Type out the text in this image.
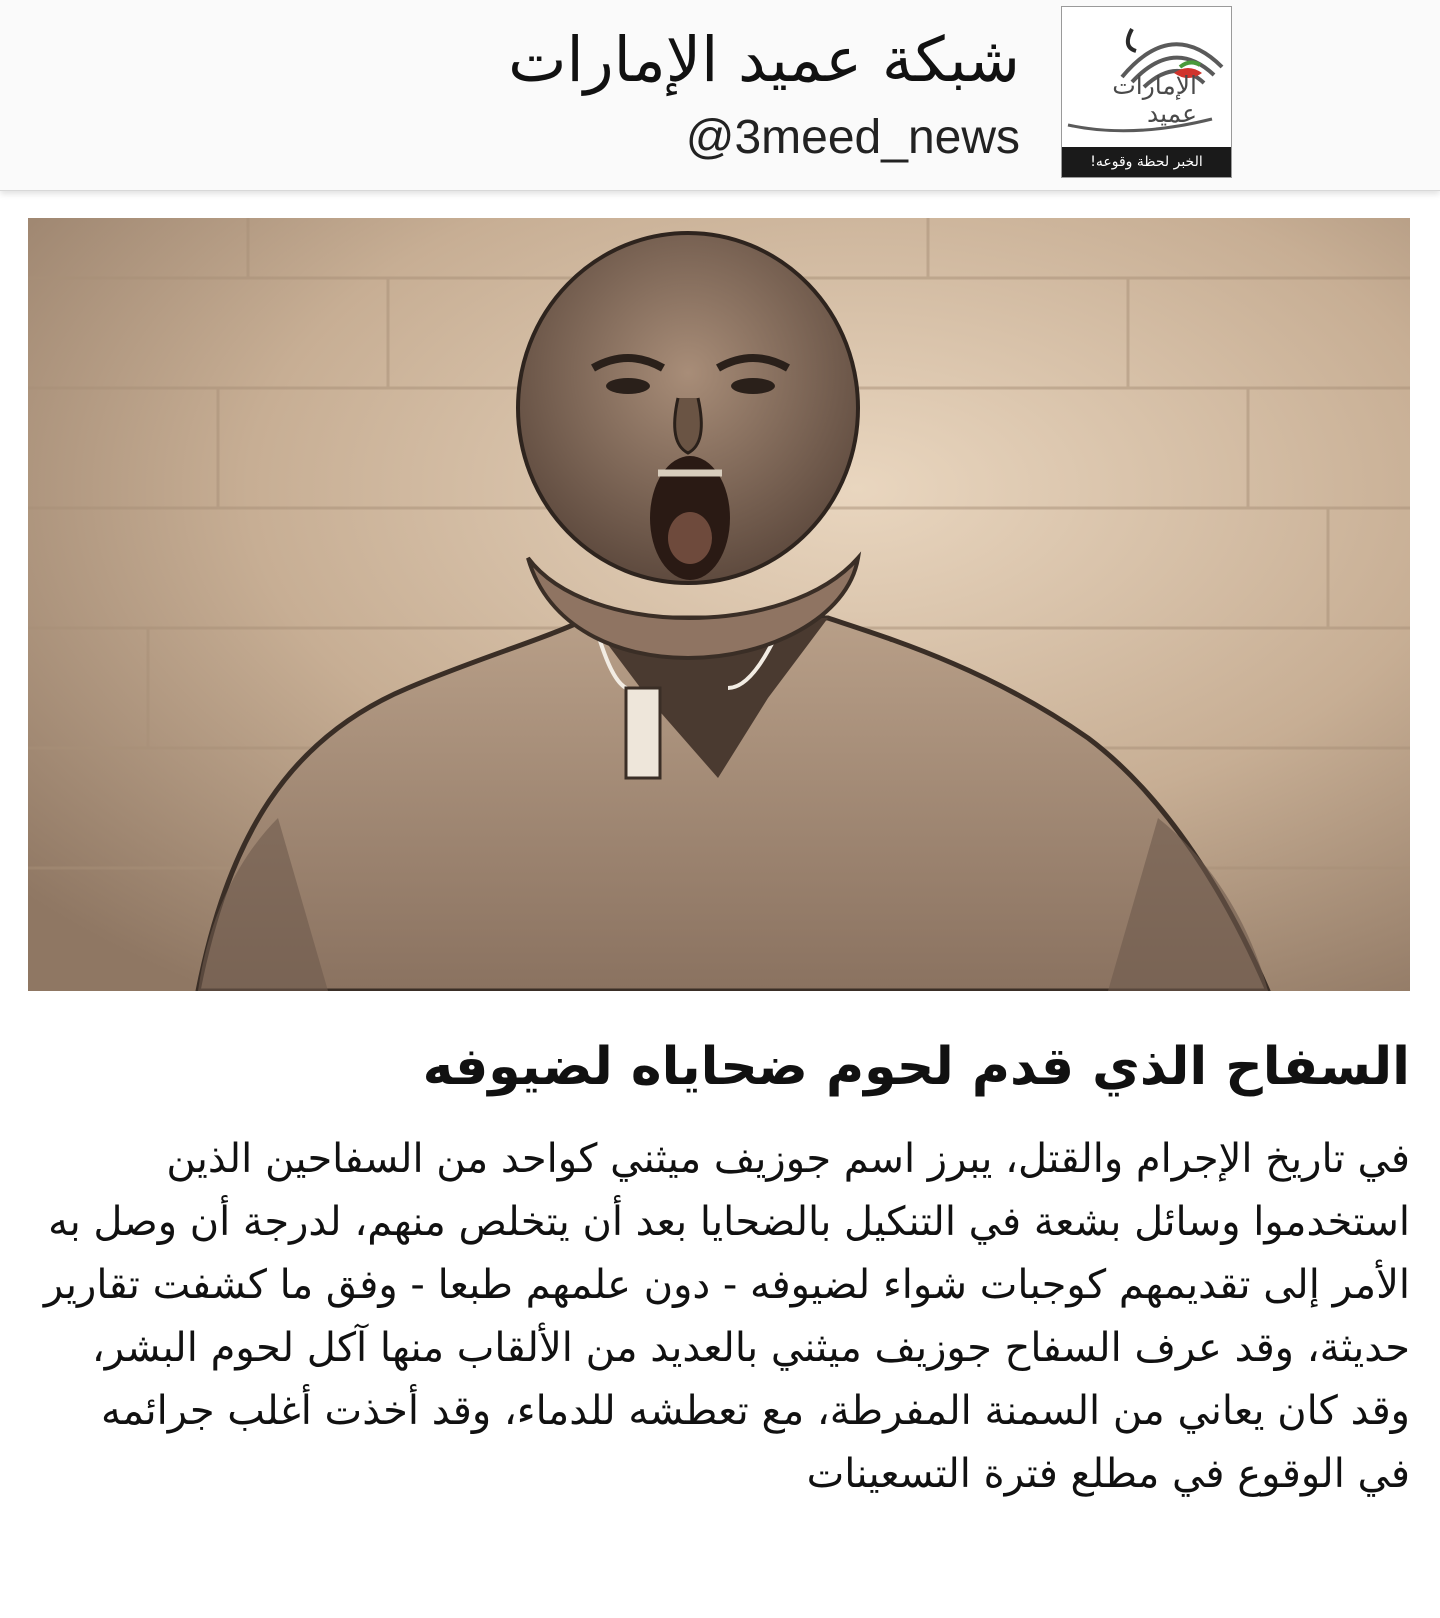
شبكة عميد الإمارات
@3meed_news
الإمارات
عميد
الخبر لحظة وقوعه!
السفاح الذي قدم لحوم ضحاياه لضيوفه

في تاريخ الإجرام والقتل، يبرز اسم جوزيف ميثني كواحد من السفاحين الذين استخدموا وسائل بشعة في التنكيل بالضحايا بعد أن يتخلص منهم، لدرجة أن وصل به الأمر إلى تقديمهم كوجبات شواء لضيوفه - دون علمهم طبعا - وفق ما كشفت تقارير حديثة، وقد عرف السفاح جوزيف ميثني بالعديد من الألقاب منها آكل لحوم البشر، وقد كان يعاني من السمنة المفرطة، مع تعطشه للدماء، وقد أخذت أغلب جرائمه في الوقوع في مطلع فترة التسعينات
